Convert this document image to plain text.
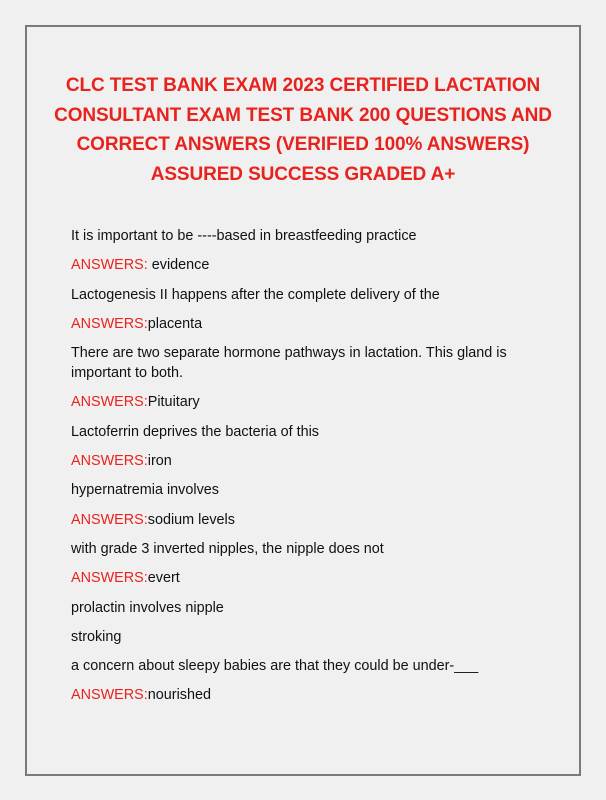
CLC TEST BANK EXAM 2023 CERTIFIED LACTATION CONSULTANT EXAM TEST BANK 200 QUESTIONS AND CORRECT ANSWERS (VERIFIED 100% ANSWERS) ASSURED SUCCESS GRADED A+
It is important to be ----based in breastfeeding practice
ANSWERS: evidence
Lactogenesis II happens after the complete delivery of the
ANSWERS:placenta
There are two separate hormone pathways in lactation. This gland is important to both.
ANSWERS:Pituitary
Lactoferrin deprives the bacteria of this
ANSWERS:iron
hypernatremia involves
ANSWERS:sodium levels
with grade 3 inverted nipples, the nipple does not
ANSWERS:evert
prolactin involves nipple
stroking
a concern about sleepy babies are that they could be under-___
ANSWERS:nourished
